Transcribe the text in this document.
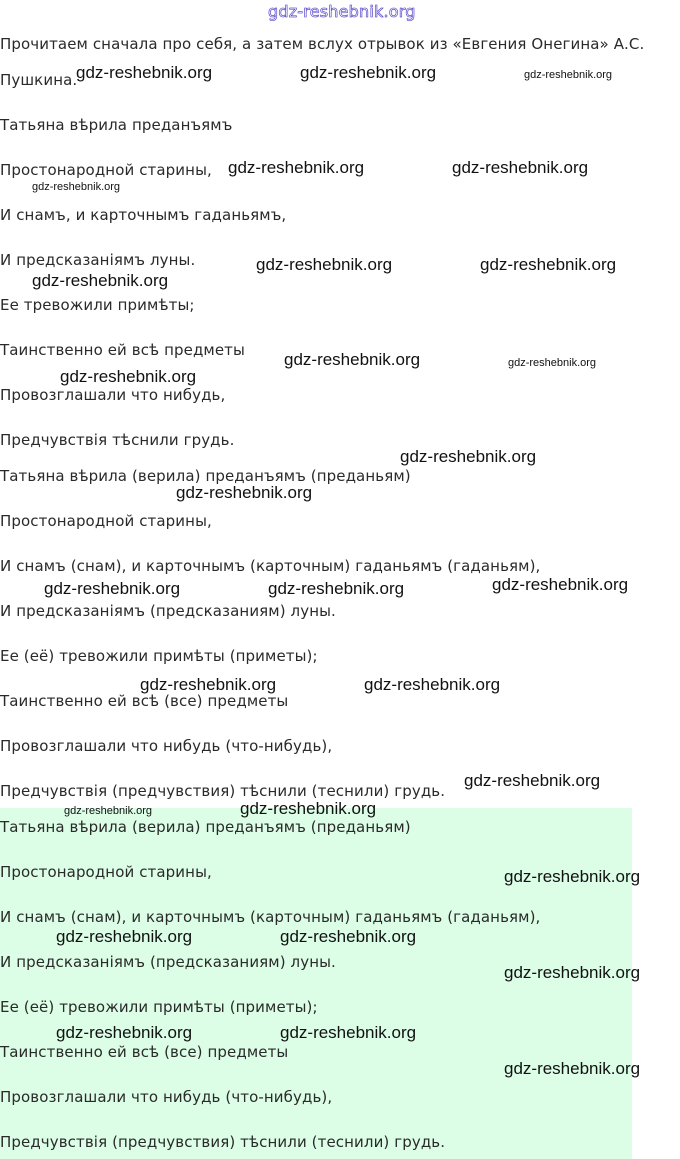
gdz-reshebnik.org
Прочитаем сначала про себя, а затем вслух отрывок из «Евгения Онегина» А.С.
Пушкина.
Татьяна вѣрила преданъямъ
Простонародной старины,
И снамъ, и карточнымъ гаданьямъ,
И предсказаніямъ луны.
Ее тревожили примѣты;
Таинственно ей всѣ предметы
Провозглашали что нибудь,
Предчувствія тѣснили грудь.
Татьяна вѣрила (верила) преданъямъ (преданьям)
Простонародной старины,
И снамъ (снам), и карточнымъ (карточным) гаданьямъ (гаданьям),
И предсказаніямъ (предсказаниям) луны.
Ее (её) тревожили примѣты (приметы);
Таинственно ей всѣ (все) предметы
Провозглашали что нибудь (что-нибудь),
Предчувствія (предчувствия) тѣснили (теснили) грудь.
Татьяна вѣрила (верила) преданъямъ (преданьям)
Простонародной старины,
И снамъ (снам), и карточнымъ (карточным) гаданьямъ (гаданьям),
И предсказаніямъ (предсказаниям) луны.
Ее (её) тревожили примѣты (приметы);
Таинственно ей всѣ (все) предметы
Провозглашали что нибудь (что-нибудь),
Предчувствія (предчувствия) тѣснили (теснили) грудь.
gdz-reshebnik.org	gdz-reshebnik.org	gdz-reshebnik.org
gdz-reshebnik.org	gdz-reshebnik.org
gdz-reshebnik.org
gdz-reshebnik.org	gdz-reshebnik.org
gdz-reshebnik.org
gdz-reshebnik.org	gdz-reshebnik.org
gdz-reshebnik.org
gdz-reshebnik.org
gdz-reshebnik.org
gdz-reshebnik.org	gdz-reshebnik.org	gdz-reshebnik.org
gdz-reshebnik.org	gdz-reshebnik.org
gdz-reshebnik.org
gdz-reshebnik.org	gdz-reshebnik.org
gdz-reshebnik.org
gdz-reshebnik.org	gdz-reshebnik.org
gdz-reshebnik.org
gdz-reshebnik.org	gdz-reshebnik.org
gdz-reshebnik.org
